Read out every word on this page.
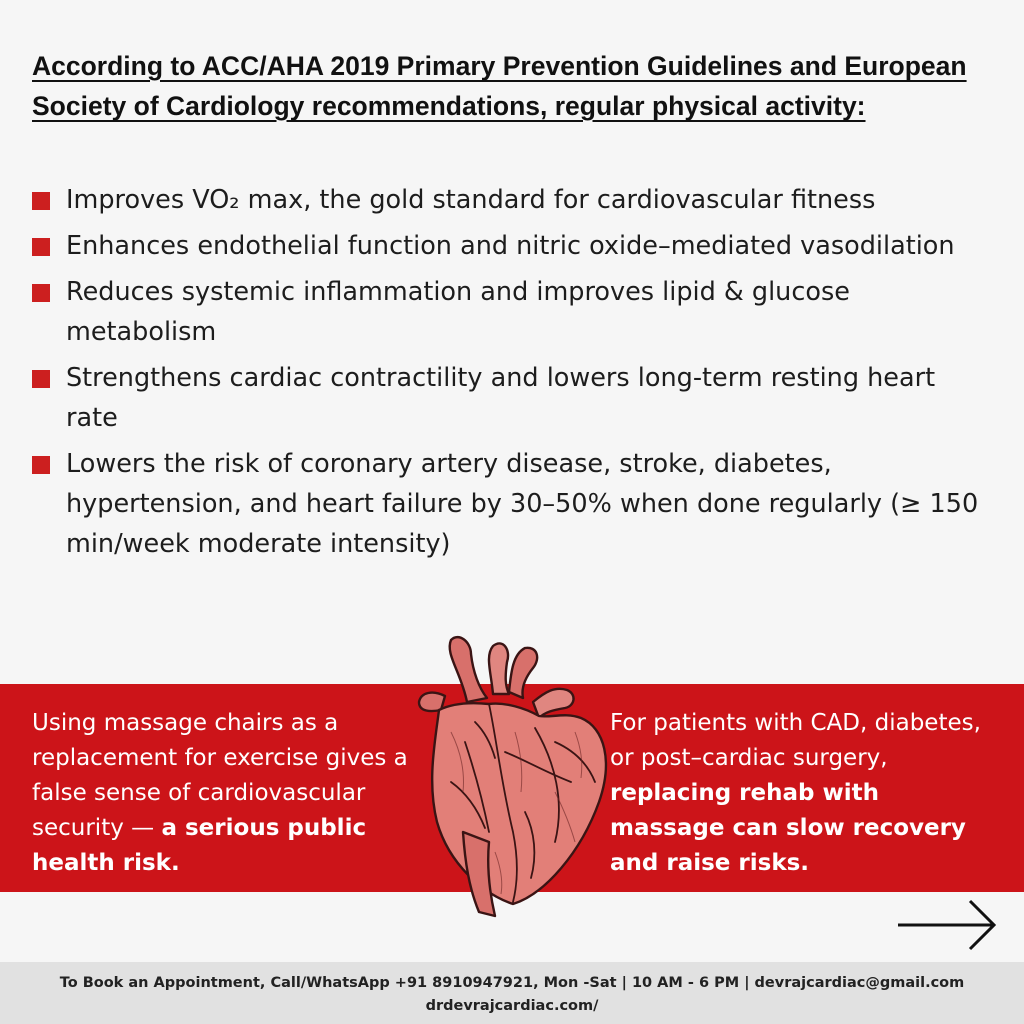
According to ACC/AHA 2019 Primary Prevention Guidelines and European Society of Cardiology recommendations, regular physical activity:
Improves VO₂ max, the gold standard for cardiovascular fitness
Enhances endothelial function and nitric oxide–mediated vasodilation
Reduces systemic inflammation and improves lipid & glucose metabolism
Strengthens cardiac contractility and lowers long-term resting heart rate
Lowers the risk of coronary artery disease, stroke, diabetes, hypertension, and heart failure by 30–50% when done regularly (≥ 150 min/week moderate intensity)

Using massage chairs as a replacement for exercise gives a false sense of cardiovascular security — a serious public health risk.

For patients with CAD, diabetes, or post–cardiac surgery, replacing rehab with massage can slow recovery and raise risks.

To Book an Appointment, Call/WhatsApp +91 8910947921, Mon -Sat | 10 AM - 6 PM | devrajcardiac@gmail.com
drdevrajcardiac.com/
